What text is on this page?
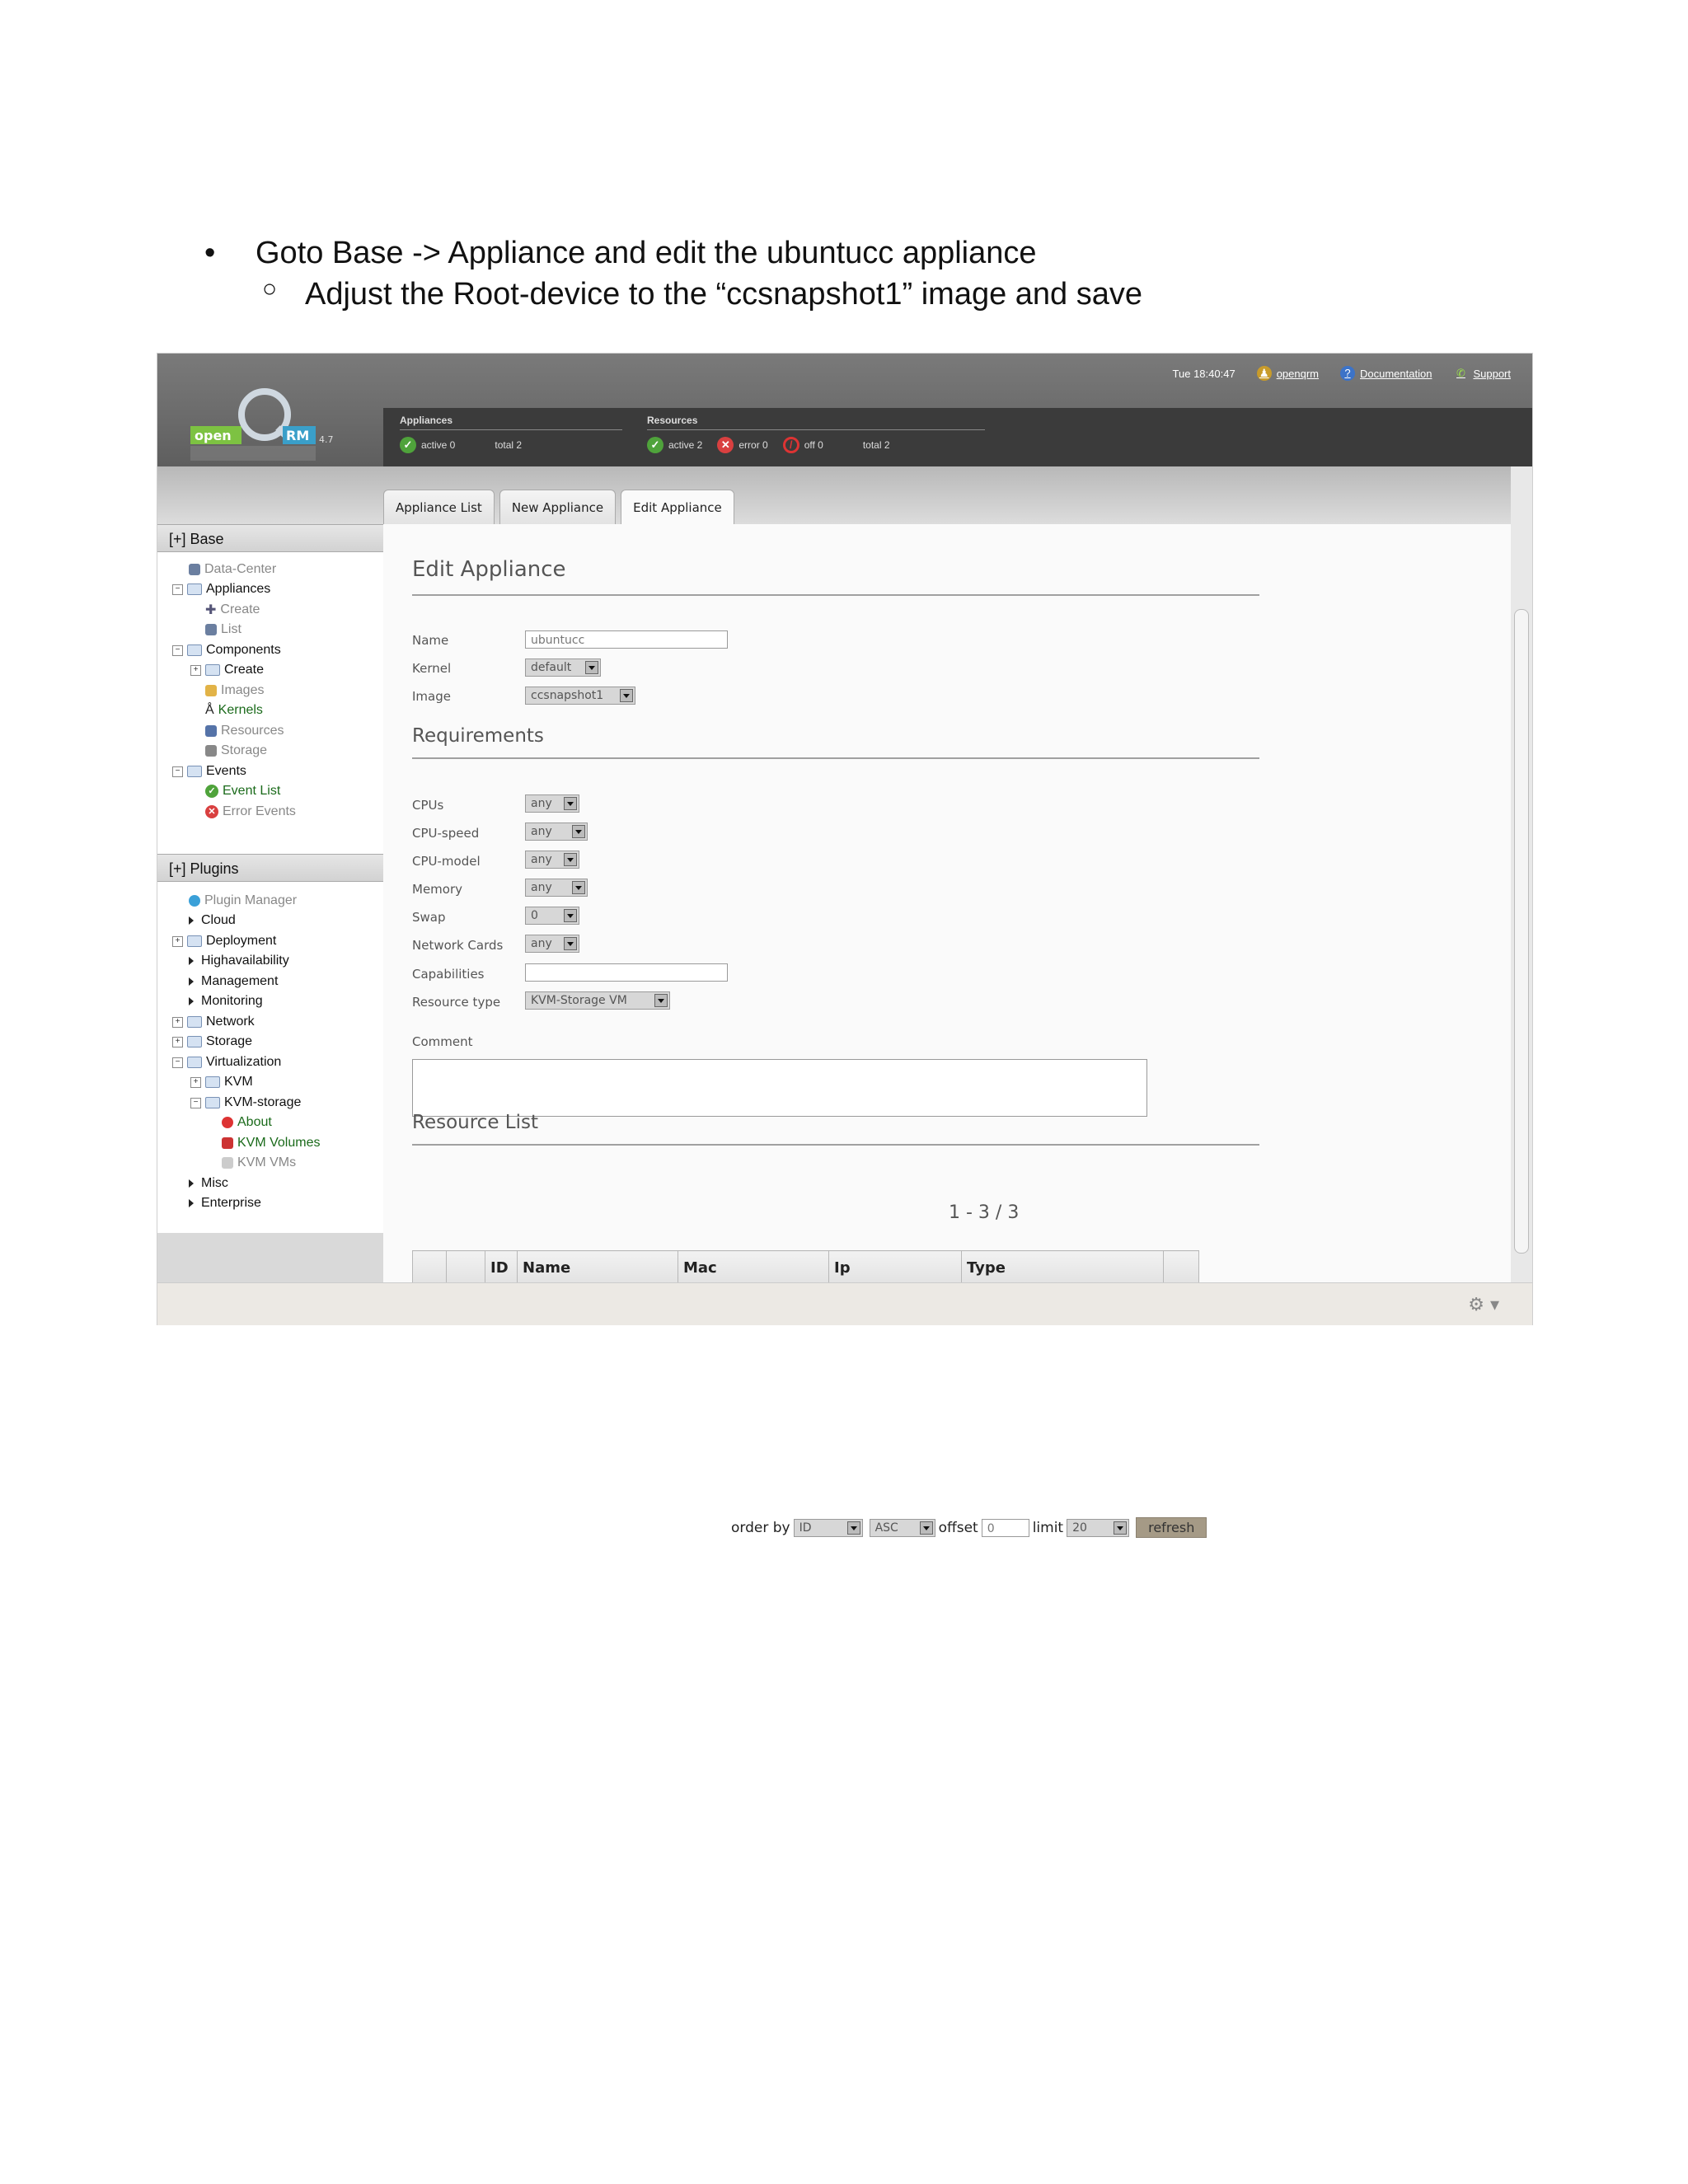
• Goto Base -> Appliance and edit the ubuntucc appliance
○ Adjust the Root-device to the “ccsnapshot1” image and save
Tue 18:40:47 ♟ openqrm	? Documentation ✆ Support
open	RM 4.7
Appliances
✓ active 0	total 2
Resources
✓ active 2	✕ error 0	/	off 0	total 2
Appliance List	New Appliance	Edit Appliance
[+] Base
Data-Center
− Appliances
✚ Create
List
− Components
+ Create
Images
Å Kernels
Resources
Storage
− Events
✓ Event List
✕ Error Events
[+] Plugins
Plugin Manager
Cloud
+ Deployment
Highavailability
Management
Monitoring
+ Network
+ Storage
− Virtualization
+ KVM
− KVM-storage
About
KVM Volumes
KVM VMs
Misc
Enterprise
Edit Appliance
Name	ubuntucc
Kernel	default
Image	ccsnapshot1
Requirements
CPUs	any
CPU-speed	any
CPU-model	any
Memory	any
Swap	0
Network Cards	any
Capabilities
Resource type	KVM-Storage VM
Comment
Resource List
order by ID	ASC	offset 0	limit 20	refresh
1 - 3 / 3
		ID	Name	Mac	Ip	Type	
⚙ ▾
